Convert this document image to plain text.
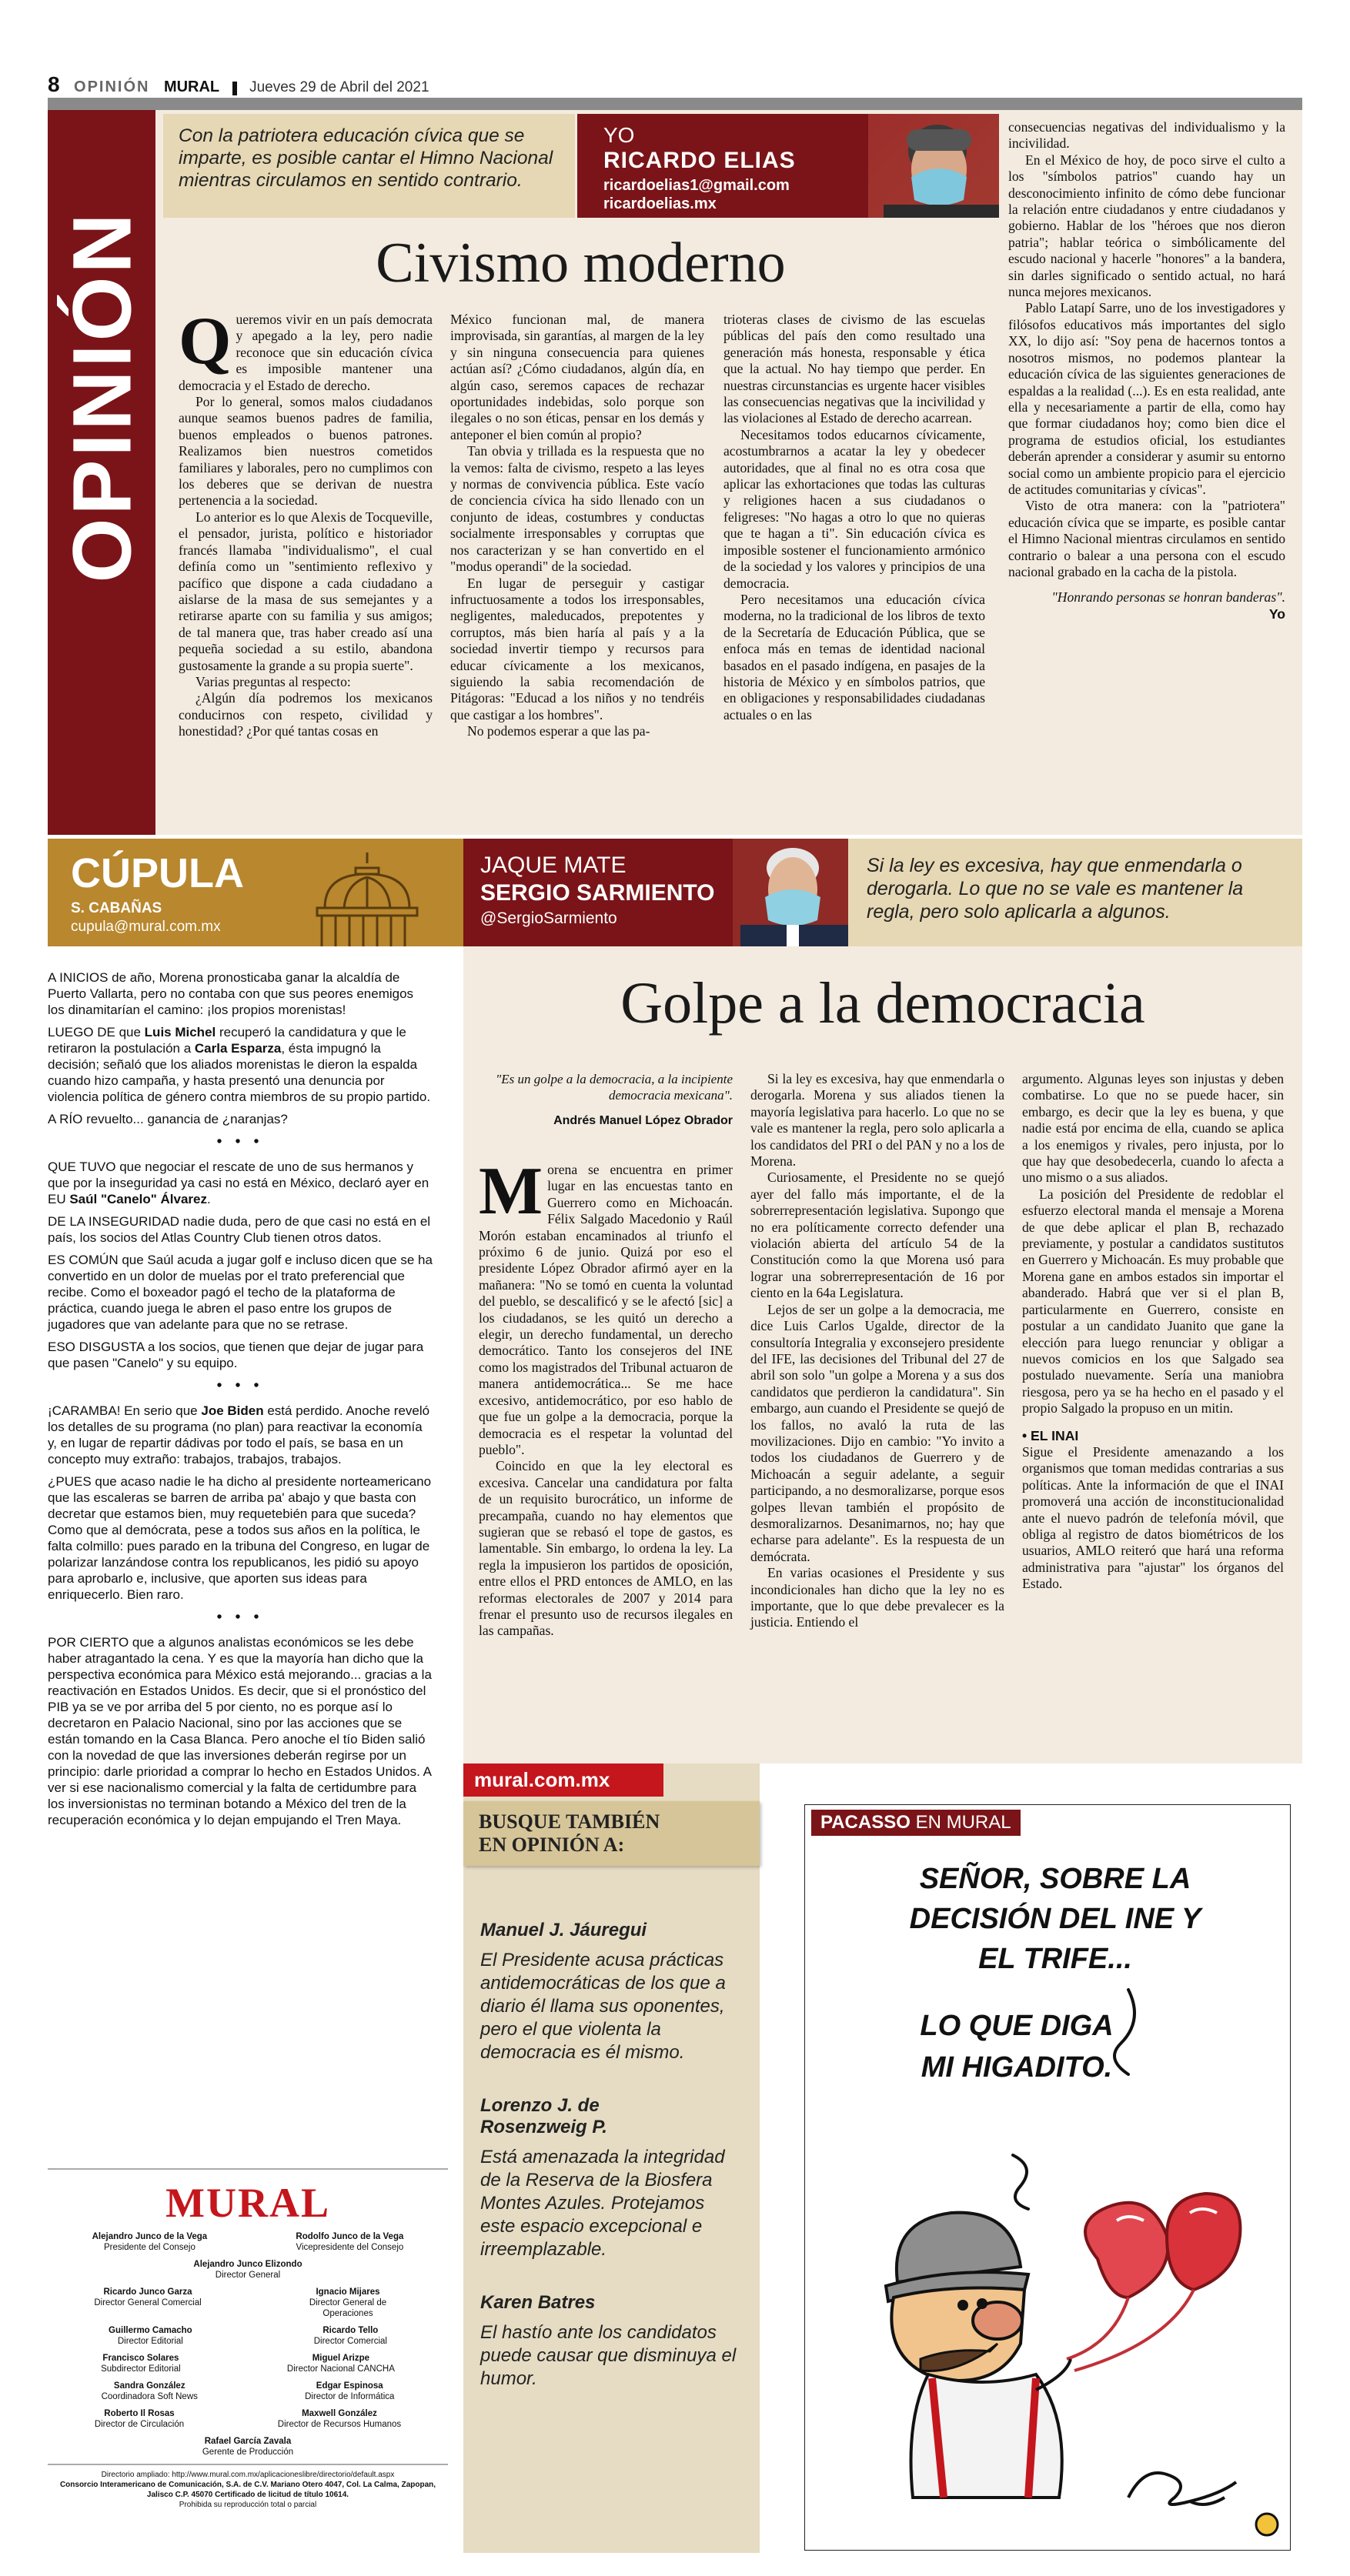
8 OPINIÓN MURAL Jueves 29 de Abril del 2021
OPINIÓN
Con la patriotera educación cívica que se imparte, es posible cantar el Himno Nacional mientras circulamos en sentido contrario.
YO
RICARDO ELIAS
ricardoelias1@gmail.com
ricardoelias.mx
Civismo moderno
Q ueremos vivir en un país democrata y apegado a la ley, pero nadie reconoce que sin educación cívica es imposible mantener una democracia y el Estado de derecho.

Por lo general, somos malos ciudadanos aunque seamos buenos padres de familia, buenos empleados o buenos patrones. Realizamos bien nuestros cometidos familiares y laborales, pero no cumplimos con los deberes que se derivan de nuestra pertenencia a la sociedad.

Lo anterior es lo que Alexis de Tocqueville, el pensador, jurista, político e historiador francés llamaba "individualismo", el cual definía como un "sentimiento reflexivo y pacífico que dispone a cada ciudadano a aislarse de la masa de sus semejantes y a retirarse aparte con su familia y sus amigos; de tal manera que, tras haber creado así una pequeña sociedad a su estilo, abandona gustosamente la grande a su propia suerte".

Varias preguntas al respecto:

¿Algún día podremos los mexicanos conducirnos con respeto, civilidad y honestidad? ¿Por qué tantas cosas en

México funcionan mal, de manera improvisada, sin garantías, al margen de la ley y sin ninguna consecuencia para quienes actúan así? ¿Cómo ciudadanos, algún día, en algún caso, seremos capaces de rechazar oportunidades indebidas, solo porque son ilegales o no son éticas, pensar en los demás y anteponer el bien común al propio?

Tan obvia y trillada es la respuesta que no la vemos: falta de civismo, respeto a las leyes y normas de convivencia pública. Este vacío de conciencia cívica ha sido llenado con un conjunto de ideas, costumbres y conductas socialmente irresponsables y corruptas que nos caracterizan y se han convertido en el "modus operandi" de la sociedad.

En lugar de perseguir y castigar infructuosamente a todos los irresponsables, negligentes, maleducados, prepotentes y corruptos, más bien haría al país y a la sociedad invertir tiempo y recursos para educar cívicamente a los mexicanos, siguiendo la sabia recomendación de Pitágoras: "Educad a los niños y no tendréis que castigar a los hombres".

No podemos esperar a que las pa-

trioteras clases de civismo de las escuelas públicas del país den como resultado una generación más honesta, responsable y ética que la actual. No hay tiempo que perder. En nuestras circunstancias es urgente hacer visibles las consecuencias negativas que la incivilidad y las violaciones al Estado de derecho acarrean.

Necesitamos todos educarnos cívicamente, acostumbrarnos a acatar la ley y obedecer autoridades, que al final no es otra cosa que aplicar las exhortaciones que todas las culturas y religiones hacen a sus ciudadanos o feligreses: "No hagas a otro lo que no quieras que te hagan a ti". Sin educación cívica es imposible sostener el funcionamiento armónico de la sociedad y los valores y principios de una democracia.

Pero necesitamos una educación cívica moderna, no la tradicional de los libros de texto de la Secretaría de Educación Pública, que se enfoca más en temas de identidad nacional basados en el pasado indígena, en pasajes de la historia de México y en símbolos patrios, que en obligaciones y responsabilidades ciudadanas actuales o en las

consecuencias negativas del individualismo y la incivilidad.

En el México de hoy, de poco sirve el culto a los "símbolos patrios" cuando hay un desconocimiento infinito de cómo debe funcionar la relación entre ciudadanos y entre ciudadanos y gobierno. Hablar de los "héroes que nos dieron patria"; hablar teórica o simbólicamente del escudo nacional y hacerle "honores" a la bandera, sin darles significado o sentido actual, no hará nunca mejores mexicanos.

Pablo Latapí Sarre, uno de los investigadores y filósofos educativos más importantes del siglo XX, lo dijo así: "Soy pena de hacernos tontos a nosotros mismos, no podemos plantear la educación cívica de las siguientes generaciones de espaldas a la realidad (...). Es en esta realidad, ante ella y necesariamente a partir de ella, como hay que formar ciudadanos hoy; como bien dice el programa de estudios oficial, los estudiantes deberán aprender a considerar y asumir su entorno social como un ambiente propicio para el ejercicio de actitudes comunitarias y cívicas".

Visto de otra manera: con la "patriotera" educación cívica que se imparte, es posible cantar el Himno Nacional mientras circulamos en sentido contrario o balear a una persona con el escudo nacional grabado en la cacha de la pistola.

"Honrando personas se honran banderas".
Yo
CÚPULA
S. CABAÑAS
cupula@mural.com.mx
JAQUE MATE
SERGIO SARMIENTO
@SergioSarmiento
Si la ley es excesiva, hay que enmendarla o derogarla. Lo que no se vale es mantener la regla, pero solo aplicarla a algunos.

A INICIOS de año, Morena pronosticaba ganar la alcaldía de Puerto Vallarta, pero no contaba con que sus peores enemigos los dinamitarían el camino: ¡los propios morenistas!

LUEGO DE que Luis Michel recuperó la candidatura y que le retiraron la postulación a Carla Esparza, ésta impugnó la decisión; señaló que los aliados morenistas le dieron la espalda cuando hizo campaña, y hasta presentó una denuncia por violencia política de género contra miembros de su propio partido.

A RÍO revuelto... ganancia de ¿naranjas?

• • •

QUE TUVO que negociar el rescate de uno de sus hermanos y que por la inseguridad ya casi no está en México, declaró ayer en EU Saúl "Canelo" Álvarez.

DE LA INSEGURIDAD nadie duda, pero de que casi no está en el país, los socios del Atlas Country Club tienen otros datos.

ES COMÚN que Saúl acuda a jugar golf e incluso dicen que se ha convertido en un dolor de muelas por el trato preferencial que recibe. Como el boxeador pagó el techo de la plataforma de práctica, cuando juega le abren el paso entre los grupos de jugadores que van adelante para que no se retrase.

ESO DISGUSTA a los socios, que tienen que dejar de jugar para que pasen "Canelo" y su equipo.

• • •

¡CARAMBA! En serio que Joe Biden está perdido. Anoche reveló los detalles de su programa (no plan) para reactivar la economía y, en lugar de repartir dádivas por todo el país, se basa en un concepto muy extraño: trabajos, trabajos, trabajos.

¿PUES que acaso nadie le ha dicho al presidente norteamericano que las escaleras se barren de arriba pa' abajo y que basta con decretar que estamos bien, muy requetebién para que suceda? Como que al demócrata, pese a todos sus años en la política, le falta colmillo: pues parado en la tribuna del Congreso, en lugar de polarizar lanzándose contra los republicanos, les pidió su apoyo para aprobarlo e, inclusive, que aporten sus ideas para enriquecerlo. Bien raro.

• • •

POR CIERTO que a algunos analistas económicos se les debe haber atragantado la cena. Y es que la mayoría han dicho que la perspectiva económica para México está mejorando... gracias a la reactivación en Estados Unidos. Es decir, que si el pronóstico del PIB ya se ve por arriba del 5 por ciento, no es porque así lo decretaron en Palacio Nacional, sino por las acciones que se están tomando en la Casa Blanca. Pero anoche el tío Biden salió con la novedad de que las inversiones deberán regirse por un principio: darle prioridad a comprar lo hecho en Estados Unidos. A ver si ese nacionalismo comercial y la falta de certidumbre para los inversionistas no terminan botando a México del tren de la recuperación económica y lo dejan empujando el Tren Maya.

MURAL
Alejandro Junco de la Vega
Presidente del Consejo
Rodolfo Junco de la Vega
Vicepresidente del Consejo
Alejandro Junco Elizondo
Director General
Ricardo Junco Garza
Director General Comercial
Ignacio Mijares
Director General de Operaciones
Guillermo Camacho
Director Editorial
Ricardo Tello
Director Comercial
Francisco Solares
Subdirector Editorial
Miguel Arizpe
Director Nacional CANCHA
Sandra González
Coordinadora Soft News
Edgar Espinosa
Director de Informática
Roberto Il Rosas
Director de Circulación
Maxwell González
Director de Recursos Humanos
Rafael García Zavala
Gerente de Producción
Directorio ampliado: http://www.mural.com.mx/aplicacioneslibre/directorio/default.aspx
Consorcio Interamericano de Comunicación, S.A. de C.V. Mariano Otero 4047, Col. La Calma, Zapopan, Jalisco C.P. 45070 Certificado de licitud de título 10614.
Prohibida su reproducción total o parcial
Golpe a la democracia
"Es un golpe a la democracia, a la incipiente democracia mexicana".
Andrés Manuel López Obrador
M orena se encuentra en primer lugar en las encuestas tanto en Guerrero como en Michoacán. Félix Salgado Macedonio y Raúl Morón estaban encaminados al triunfo el próximo 6 de junio. Quizá por eso el presidente López Obrador afirmó ayer en la mañanera: "No se tomó en cuenta la voluntad del pueblo, se descalificó y se le afectó [sic] a los ciudadanos, se les quitó un derecho a elegir, un derecho fundamental, un derecho democrático. Tanto los consejeros del INE como los magistrados del Tribunal actuaron de manera antidemocrática... Se me hace excesivo, antidemocrático, por eso hablo de que fue un golpe a la democracia, porque la democracia es el respetar la voluntad del pueblo".

Coincido en que la ley electoral es excesiva. Cancelar una candidatura por falta de un requisito burocrático, un informe de precampaña, cuando no hay elementos que sugieran que se rebasó el tope de gastos, es lamentable. Sin embargo, lo ordena la ley. La regla la impusieron los partidos de oposición, entre ellos el PRD entonces de AMLO, en las reformas electorales de 2007 y 2014 para frenar el presunto uso de recursos ilegales en las campañas.

Si la ley es excesiva, hay que enmendarla o derogarla. Morena y sus aliados tienen la mayoría legislativa para hacerlo. Lo que no se vale es mantener la regla, pero solo aplicarla a los candidatos del PRI o del PAN y no a los de Morena.

Curiosamente, el Presidente no se quejó ayer del fallo más importante, el de la sobrerrepresentación legislativa. Supongo que no era políticamente correcto defender una violación abierta del artículo 54 de la Constitución como la que Morena usó para lograr una sobrerrepresentación de 16 por ciento en la 64a Legislatura.

Lejos de ser un golpe a la democracia, me dice Luis Carlos Ugalde, director de la consultoría Integralia y exconsejero presidente del IFE, las decisiones del Tribunal del 27 de abril son solo "un golpe a Morena y a sus dos candidatos que perdieron la candidatura". Sin embargo, aun cuando el Presidente se quejó de los fallos, no avaló la ruta de las movilizaciones. Dijo en cambio: "Yo invito a todos los ciudadanos de Guerrero y de Michoacán a seguir adelante, a seguir participando, a no desmoralizarse, porque esos golpes llevan también el propósito de desmoralizarnos. Desanimarnos, no; hay que echarse para adelante". Es la respuesta de un demócrata.

En varias ocasiones el Presidente y sus incondicionales han dicho que la ley no es importante, que lo que debe prevalecer es la justicia. Entiendo el

argumento. Algunas leyes son injustas y deben combatirse. Lo que no se puede hacer, sin embargo, es decir que la ley es buena, y que nadie está por encima de ella, cuando se aplica a los enemigos y rivales, pero injusta, por lo que hay que desobedecerla, cuando lo afecta a uno mismo o a sus aliados.

La posición del Presidente de redoblar el esfuerzo electoral manda el mensaje a Morena de que debe aplicar el plan B, rechazado previamente, y postular a candidatos sustitutos en Guerrero y Michoacán. Es muy probable que Morena gane en ambos estados sin importar el abanderado. Habrá que ver si el plan B, particularmente en Guerrero, consiste en postular a un candidato Juanito que gane la elección para luego renunciar y obligar a nuevos comicios en los que Salgado sea postulado nuevamente. Sería una maniobra riesgosa, pero ya se ha hecho en el pasado y el propio Salgado la propuso en un mitin.

• EL INAI

Sigue el Presidente amenazando a los organismos que toman medidas contrarias a sus políticas. Ante la información de que el INAI promoverá una acción de inconstitucionalidad ante el nuevo padrón de telefonía móvil, que obliga al registro de datos biométricos de los usuarios, AMLO reiteró que hará una reforma administrativa para "ajustar" los órganos del Estado.

mural.com.mx
BUSQUE TAMBIÉN
EN OPINIÓN A:
Manuel J. Jáuregui
El Presidente acusa prácticas antidemocráticas de los que a diario él llama sus oponentes, pero el que violenta la democracia es él mismo.
Lorenzo J. de Rosenzweig P.
Está amenazada la integridad de la Reserva de la Biosfera Montes Azules. Protejamos este espacio excepcional e irreemplazable.
Karen Batres
El hastío ante los candidatos puede causar que disminuya el humor.
PACASSO EN MURAL
SEÑOR, SOBRE LA DECISIÓN DEL INE Y EL TRIFE...
LO QUE DIGA MI HIGADITO.
